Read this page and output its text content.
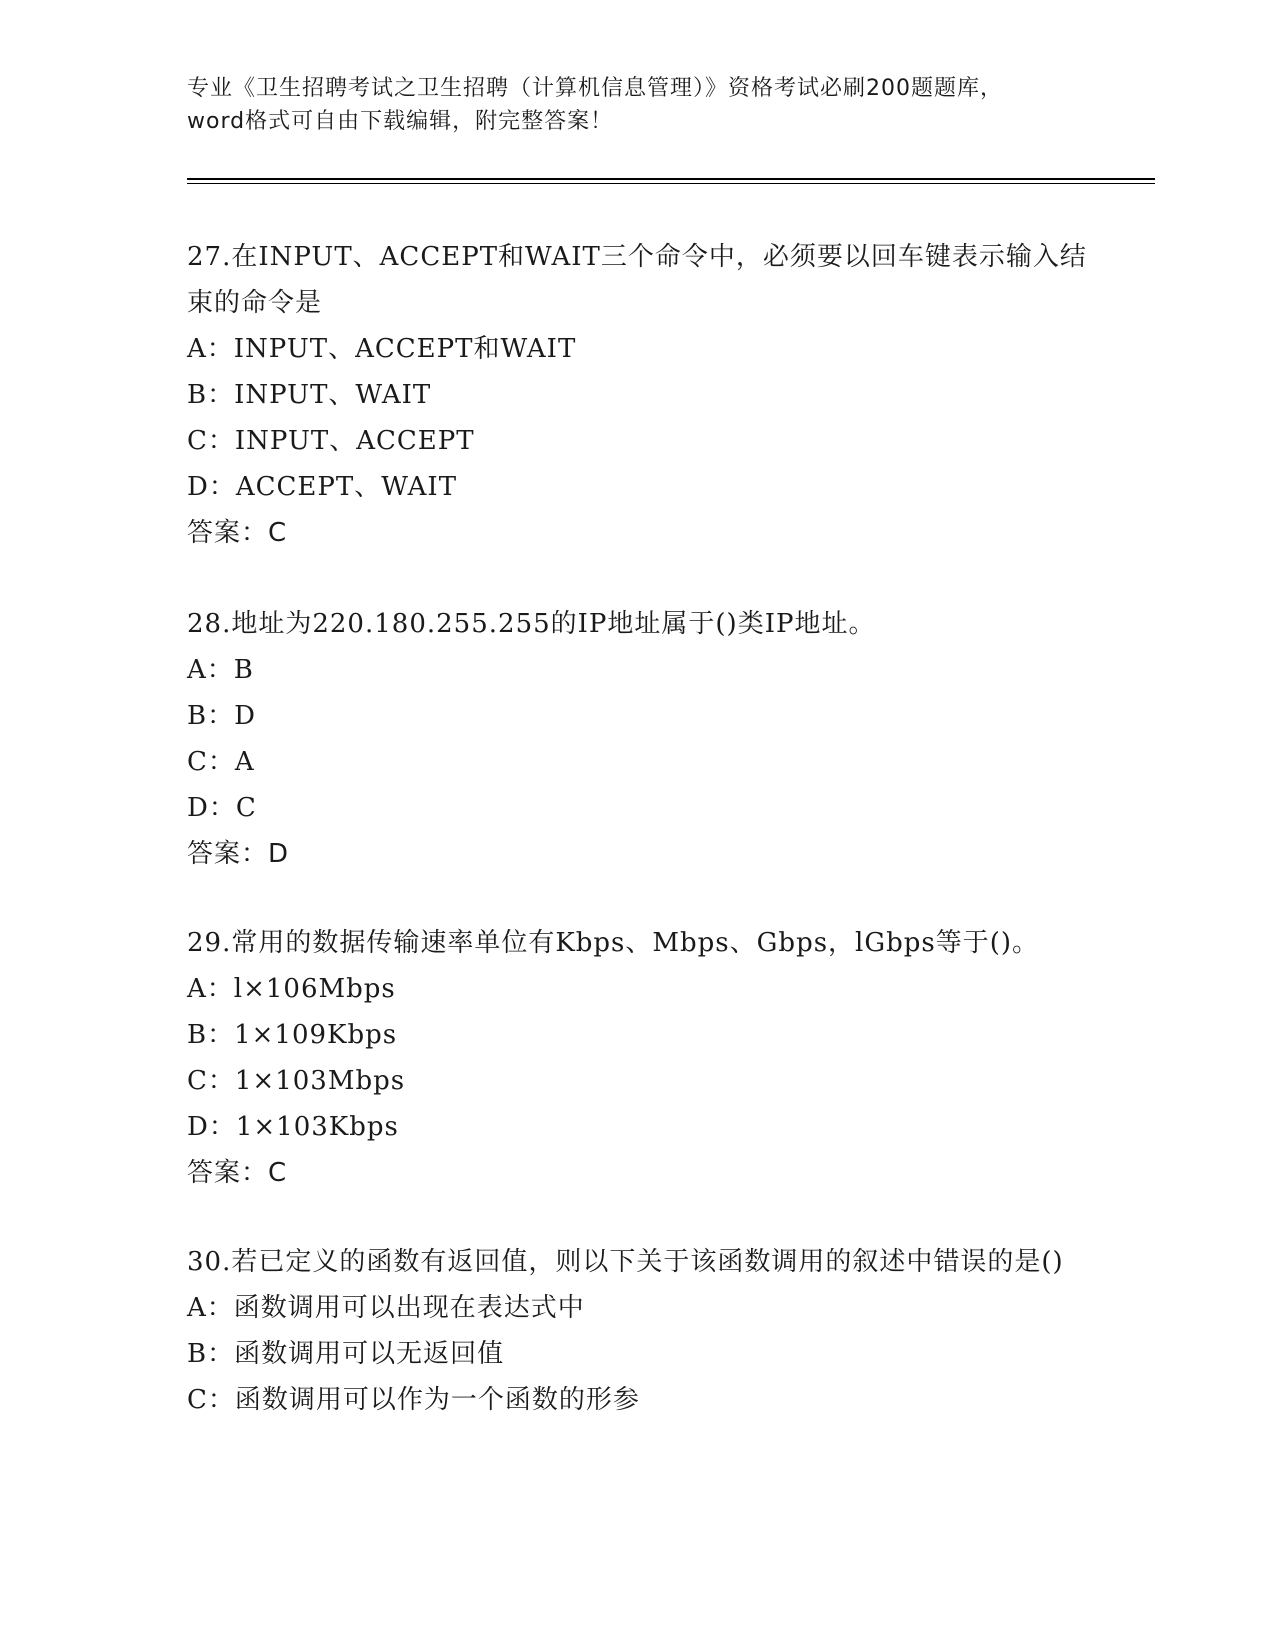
专业《卫生招聘考试之卫生招聘（计算机信息管理）》资格考试必刷200题题库，
word格式可自由下载编辑，附完整答案！
27.在INPUT、ACCEPT和WAIT三个命令中，必须要以回车键表示输入结束的命令是
A：INPUT、ACCEPT和WAIT
B：INPUT、WAIT
C：INPUT、ACCEPT
D：ACCEPT、WAIT
答案：C
28.地址为220.180.255.255的IP地址属于()类IP地址。
A：B
B：D
C：A
D：C
答案：D
29.常用的数据传输速率单位有Kbps、Mbps、Gbps，lGbps等于()。
A：l×106Mbps
B：1×109Kbps
C：1×103Mbps
D：1×103Kbps
答案：C
30.若已定义的函数有返回值，则以下关于该函数调用的叙述中错误的是()
A：函数调用可以出现在表达式中
B：函数调用可以无返回值
C：函数调用可以作为一个函数的形参
